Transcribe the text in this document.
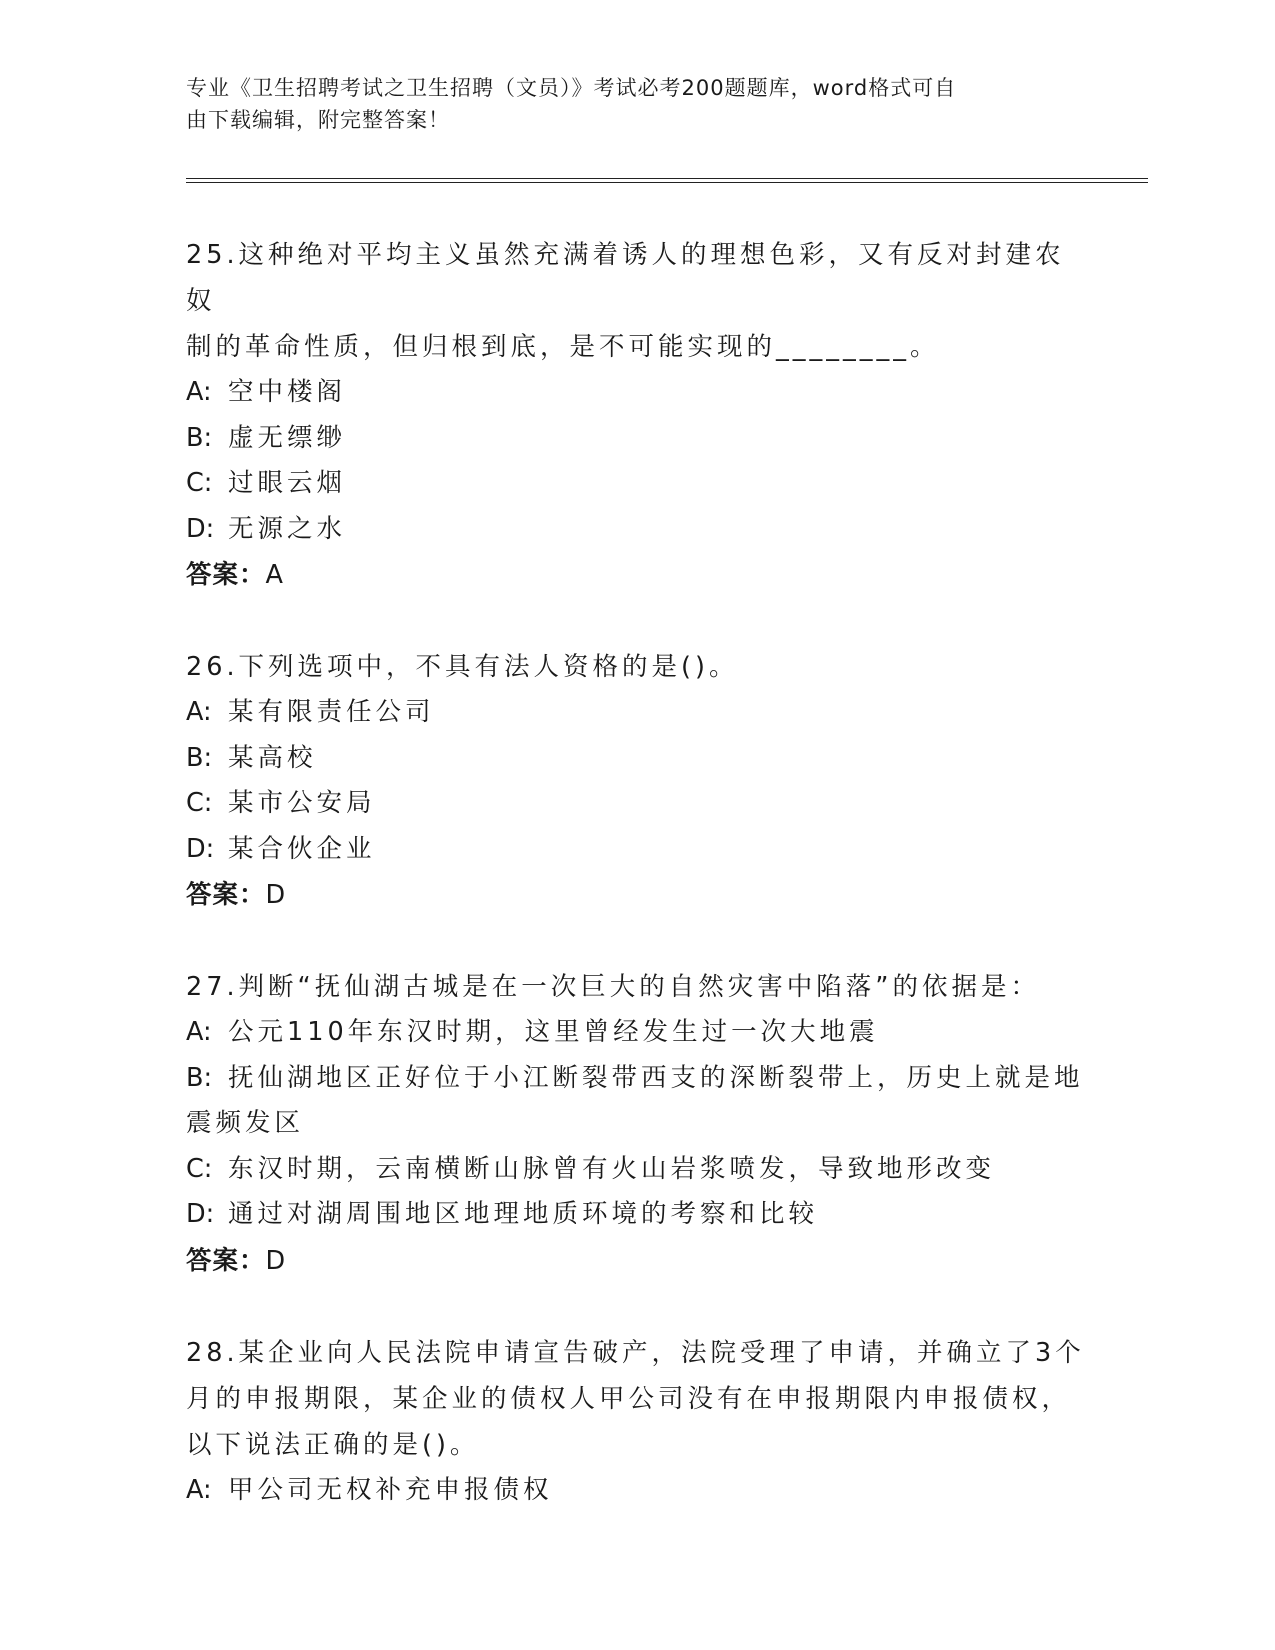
专业《卫生招聘考试之卫生招聘（文员）》考试必考200题题库，word格式可自
由下载编辑，附完整答案！

25.这种绝对平均主义虽然充满着诱人的理想色彩，又有反对封建农奴

制的革命性质，但归根到底，是不可能实现的________。

A: 空中楼阁

B: 虚无缥缈

C: 过眼云烟

D: 无源之水

答案：A

26.下列选项中，不具有法人资格的是()。

A: 某有限责任公司

B: 某高校

C: 某市公安局

D: 某合伙企业

答案：D

27.判断“抚仙湖古城是在一次巨大的自然灾害中陷落”的依据是：

A: 公元110年东汉时期，这里曾经发生过一次大地震

B: 抚仙湖地区正好位于小江断裂带西支的深断裂带上，历史上就是地

震频发区

C: 东汉时期，云南横断山脉曾有火山岩浆喷发，导致地形改变

D: 通过对湖周围地区地理地质环境的考察和比较

答案：D

28.某企业向人民法院申请宣告破产，法院受理了申请，并确立了3个

月的申报期限，某企业的债权人甲公司没有在申报期限内申报债权，

以下说法正确的是()。

A: 甲公司无权补充申报债权
